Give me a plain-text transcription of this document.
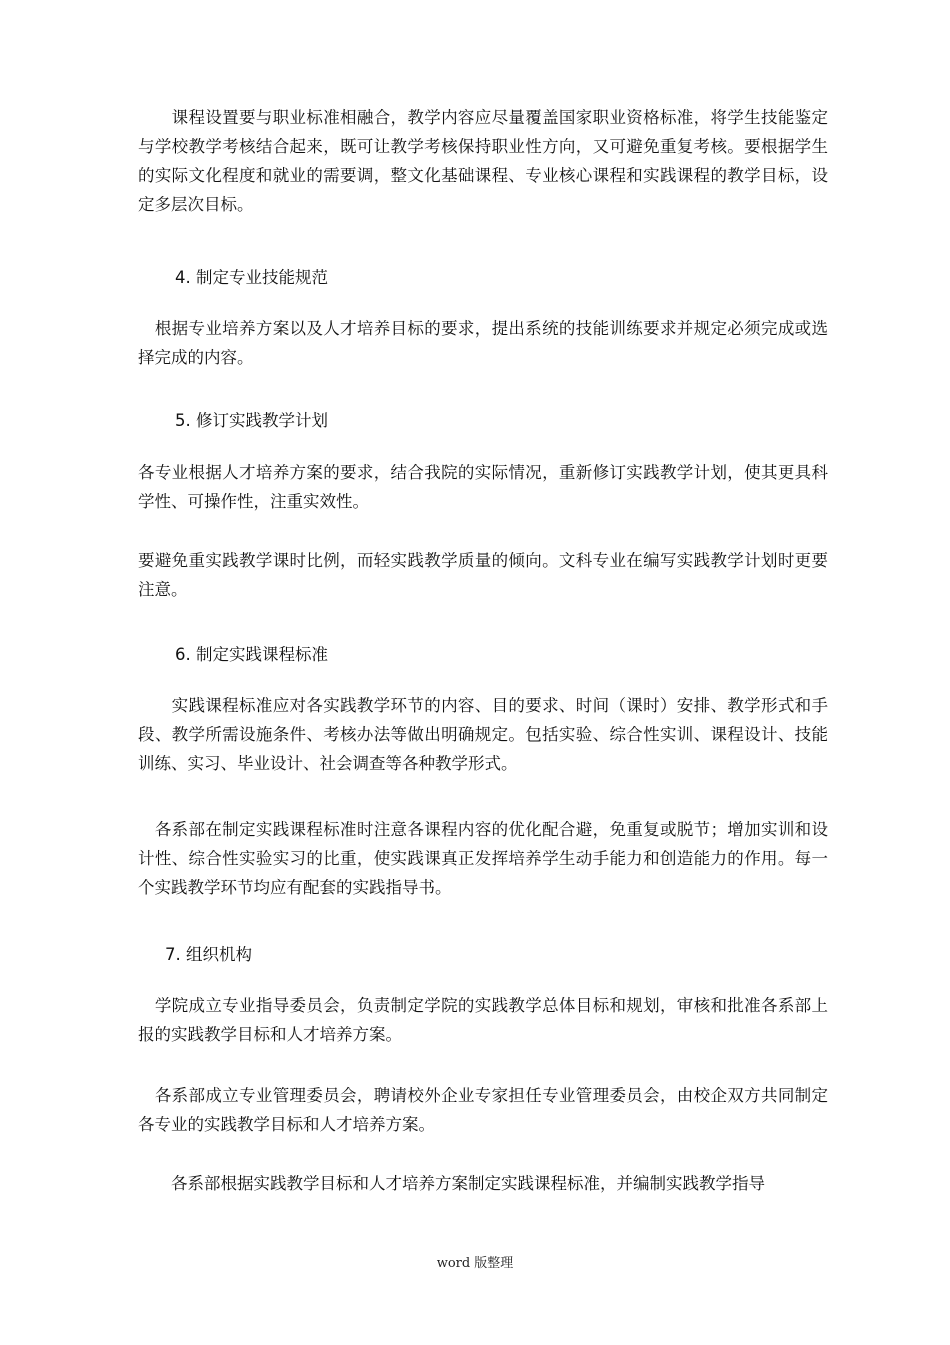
　　课程设置要与职业标准相融合，教学内容应尽量覆盖国家职业资格标准，将学生技能鉴定与学校教学考核结合起来，既可让教学考核保持职业性方向，又可避免重复考核。要根据学生的实际文化程度和就业的需要调，整文化基础课程、专业核心课程和实践课程的教学目标，设定多层次目标。

4. 制定专业技能规范

　根据专业培养方案以及人才培养目标的要求，提出系统的技能训练要求并规定必须完成或选择完成的内容。

5. 修订实践教学计划

各专业根据人才培养方案的要求，结合我院的实际情况，重新修订实践教学计划，使其更具科学性、可操作性，注重实效性。

要避免重实践教学课时比例，而轻实践教学质量的倾向。文科专业在编写实践教学计划时更要注意。

6. 制定实践课程标准

　　实践课程标准应对各实践教学环节的内容、目的要求、时间（课时）安排、教学形式和手段、教学所需设施条件、考核办法等做出明确规定。包括实验、综合性实训、课程设计、技能训练、实习、毕业设计、社会调查等各种教学形式。

　各系部在制定实践课程标准时注意各课程内容的优化配合避，免重复或脱节；增加实训和设计性、综合性实验实习的比重，使实践课真正发挥培养学生动手能力和创造能力的作用。每一个实践教学环节均应有配套的实践指导书。

7. 组织机构

　学院成立专业指导委员会，负责制定学院的实践教学总体目标和规划，审核和批准各系部上报的实践教学目标和人才培养方案。

　各系部成立专业管理委员会，聘请校外企业专家担任专业管理委员会，由校企双方共同制定各专业的实践教学目标和人才培养方案。

　　各系部根据实践教学目标和人才培养方案制定实践课程标准，并编制实践教学指导

word 版整理
